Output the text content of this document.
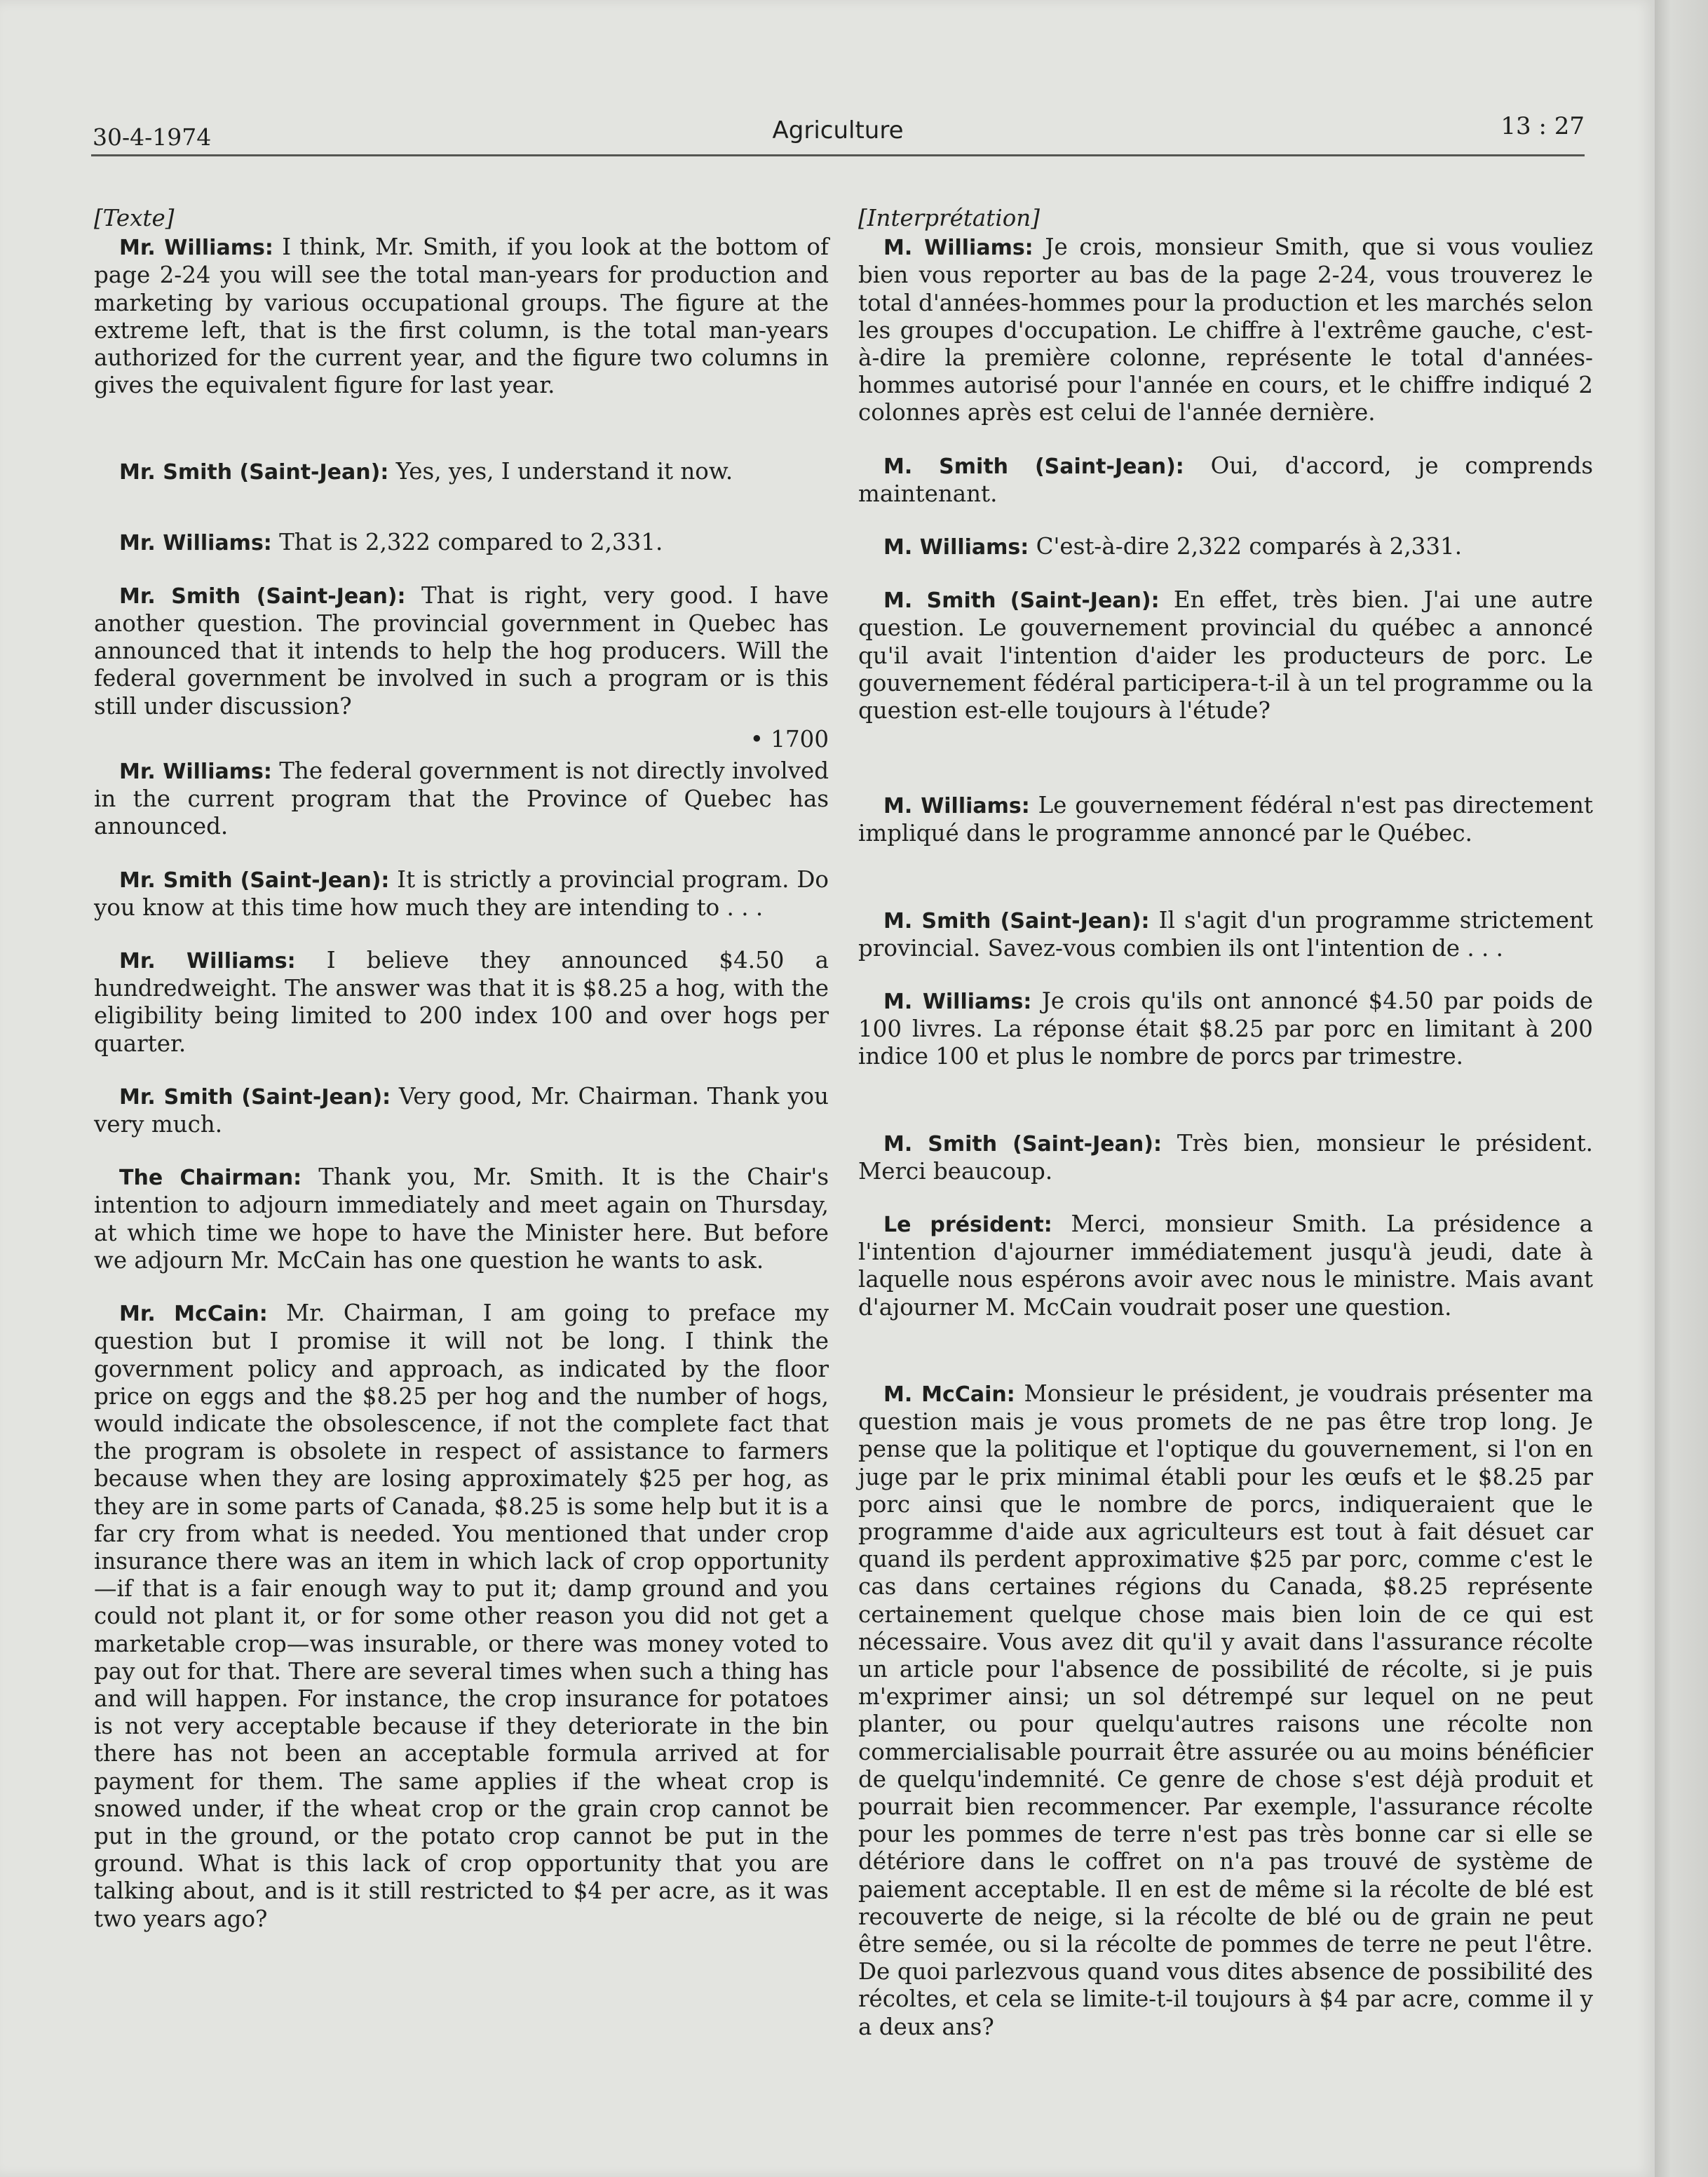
30-4-1974	Agriculture	13 : 27
[Texte]

Mr. Williams: I think, Mr. Smith, if you look at the bottom of page 2-24 you will see the total man-years for production and marketing by various occupational groups. The figure at the extreme left, that is the first column, is the total man-years authorized for the current year, and the figure two columns in gives the equivalent figure for last year.

Mr. Smith (Saint-Jean): Yes, yes, I understand it now.

Mr. Williams: That is 2,322 compared to 2,331.

Mr. Smith (Saint-Jean): That is right, very good. I have another question. The provincial government in Quebec has announced that it intends to help the hog producers. Will the federal government be involved in such a program or is this still under discussion?

• 1700

Mr. Williams: The federal government is not directly involved in the current program that the Province of Quebec has announced.

Mr. Smith (Saint-Jean): It is strictly a provincial program. Do you know at this time how much they are intending to . . .

Mr. Williams: I believe they announced $4.50 a hundredweight. The answer was that it is $8.25 a hog, with the eligibility being limited to 200 index 100 and over hogs per quarter.

Mr. Smith (Saint-Jean): Very good, Mr. Chairman. Thank you very much.

The Chairman: Thank you, Mr. Smith. It is the Chair's intention to adjourn immediately and meet again on Thursday, at which time we hope to have the Minister here. But before we adjourn Mr. McCain has one question he wants to ask.

Mr. McCain: Mr. Chairman, I am going to preface my question but I promise it will not be long. I think the government policy and approach, as indicated by the floor price on eggs and the $8.25 per hog and the number of hogs, would indicate the obsolescence, if not the complete fact that the program is obsolete in respect of assistance to farmers because when they are losing approximately $25 per hog, as they are in some parts of Canada, $8.25 is some help but it is a far cry from what is needed. You mentioned that under crop insurance there was an item in which lack of crop opportunity—if that is a fair enough way to put it; damp ground and you could not plant it, or for some other reason you did not get a marketable crop—was insurable, or there was money voted to pay out for that. There are several times when such a thing has and will happen. For instance, the crop insurance for potatoes is not very acceptable because if they deteriorate in the bin there has not been an acceptable formula arrived at for payment for them. The same applies if the wheat crop is snowed under, if the wheat crop or the grain crop cannot be put in the ground, or the potato crop cannot be put in the ground. What is this lack of crop opportunity that you are talking about, and is it still restricted to $4 per acre, as it was two years ago?

[Interprétation]

M. Williams: Je crois, monsieur Smith, que si vous vouliez bien vous reporter au bas de la page 2-24, vous trouverez le total d'années-hommes pour la production et les marchés selon les groupes d'occupation. Le chiffre à l'extrême gauche, c'est-à-dire la première colonne, représente le total d'années-hommes autorisé pour l'année en cours, et le chiffre indiqué 2 colonnes après est celui de l'année dernière.

M. Smith (Saint-Jean): Oui, d'accord, je comprends maintenant.

M. Williams: C'est-à-dire 2,322 comparés à 2,331.

M. Smith (Saint-Jean): En effet, très bien. J'ai une autre question. Le gouvernement provincial du québec a annoncé qu'il avait l'intention d'aider les producteurs de porc. Le gouvernement fédéral participera-t-il à un tel programme ou la question est-elle toujours à l'étude?

M. Williams: Le gouvernement fédéral n'est pas directement impliqué dans le programme annoncé par le Québec.

M. Smith (Saint-Jean): Il s'agit d'un programme strictement provincial. Savez-vous combien ils ont l'intention de . . .

M. Williams: Je crois qu'ils ont annoncé $4.50 par poids de 100 livres. La réponse était $8.25 par porc en limitant à 200 indice 100 et plus le nombre de porcs par trimestre.

M. Smith (Saint-Jean): Très bien, monsieur le président. Merci beaucoup.

Le président: Merci, monsieur Smith. La présidence a l'intention d'ajourner immédiatement jusqu'à jeudi, date à laquelle nous espérons avoir avec nous le ministre. Mais avant d'ajourner M. McCain voudrait poser une question.

M. McCain: Monsieur le président, je voudrais présenter ma question mais je vous promets de ne pas être trop long. Je pense que la politique et l'optique du gouvernement, si l'on en juge par le prix minimal établi pour les œufs et le $8.25 par porc ainsi que le nombre de porcs, indiqueraient que le programme d'aide aux agriculteurs est tout à fait désuet car quand ils perdent approximative $25 par porc, comme c'est le cas dans certaines régions du Canada, $8.25 représente certainement quelque chose mais bien loin de ce qui est nécessaire. Vous avez dit qu'il y avait dans l'assurance récolte un article pour l'absence de possibilité de récolte, si je puis m'exprimer ainsi; un sol détrempé sur lequel on ne peut planter, ou pour quelqu'autres raisons une récolte non commercialisable pourrait être assurée ou au moins bénéficier de quelqu'indemnité. Ce genre de chose s'est déjà produit et pourrait bien recommencer. Par exemple, l'assurance récolte pour les pommes de terre n'est pas très bonne car si elle se détériore dans le coffret on n'a pas trouvé de système de paiement acceptable. Il en est de même si la récolte de blé est recouverte de neige, si la récolte de blé ou de grain ne peut être semée, ou si la récolte de pommes de terre ne peut l'être. De quoi parlezvous quand vous dites absence de possibilité des récoltes, et cela se limite-t-il toujours à $4 par acre, comme il y a deux ans?
